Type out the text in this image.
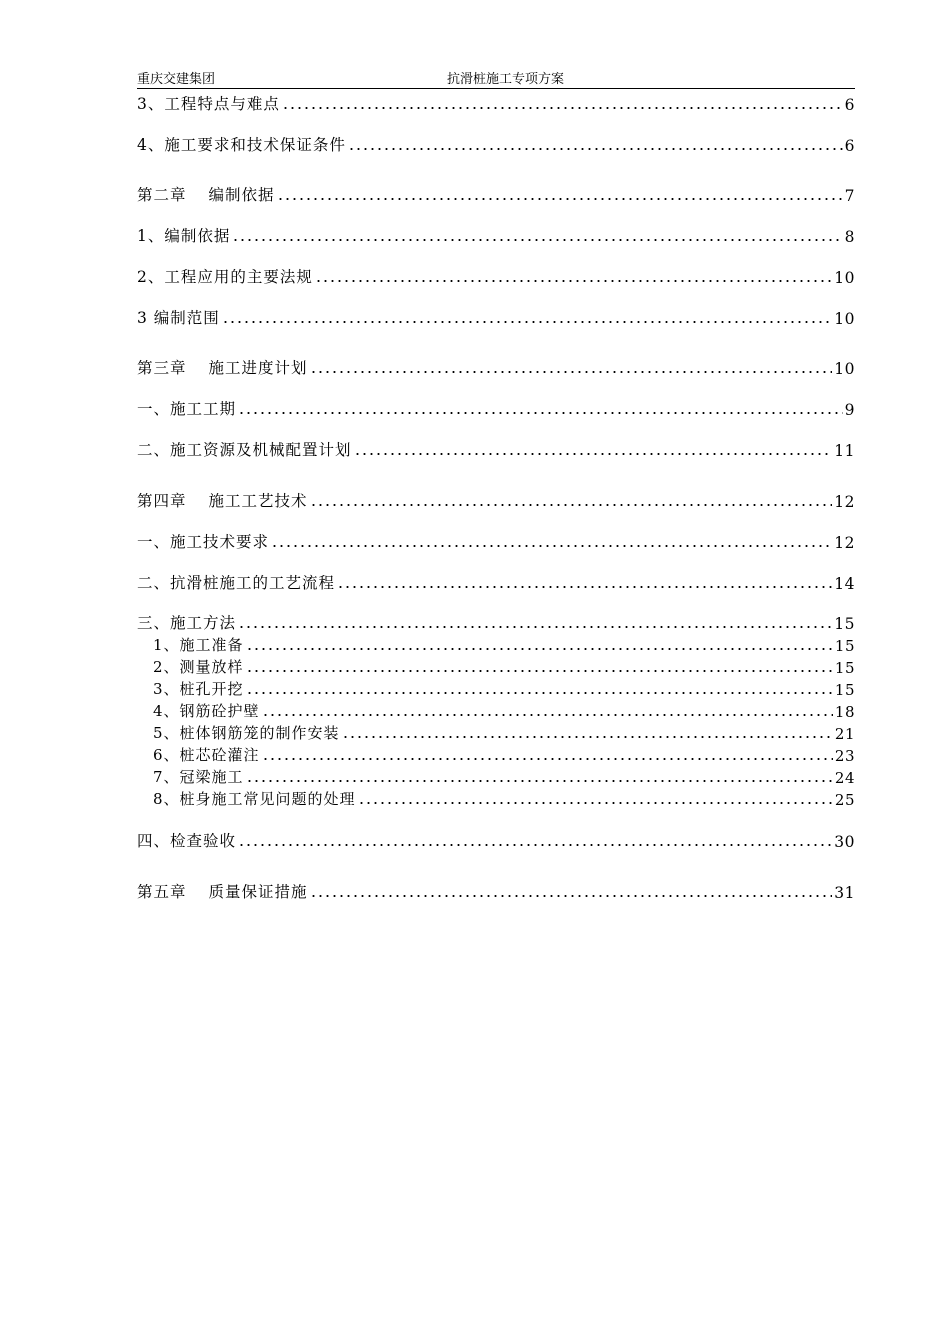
重庆交建集团	抗滑桩施工专项方案
3、工程特点与难点	6
4、施工要求和技术保证条件	6
第二章 编制依据	7
1、编制依据	8
2、工程应用的主要法规	10
3 编制范围	10
第三章 施工进度计划	10
一、施工工期	9
二、施工资源及机械配置计划	11
第四章 施工工艺技术	12
一、施工技术要求	12
二、抗滑桩施工的工艺流程	14
三、施工方法	15
1、施工准备	15
2、测量放样	15
3、桩孔开挖	15
4、钢筋砼护壁	18
5、桩体钢筋笼的制作安装	21
6、桩芯砼灌注	23
7、冠梁施工	24
8、桩身施工常见问题的处理	25
四、检查验收	30
第五章 质量保证措施	31
